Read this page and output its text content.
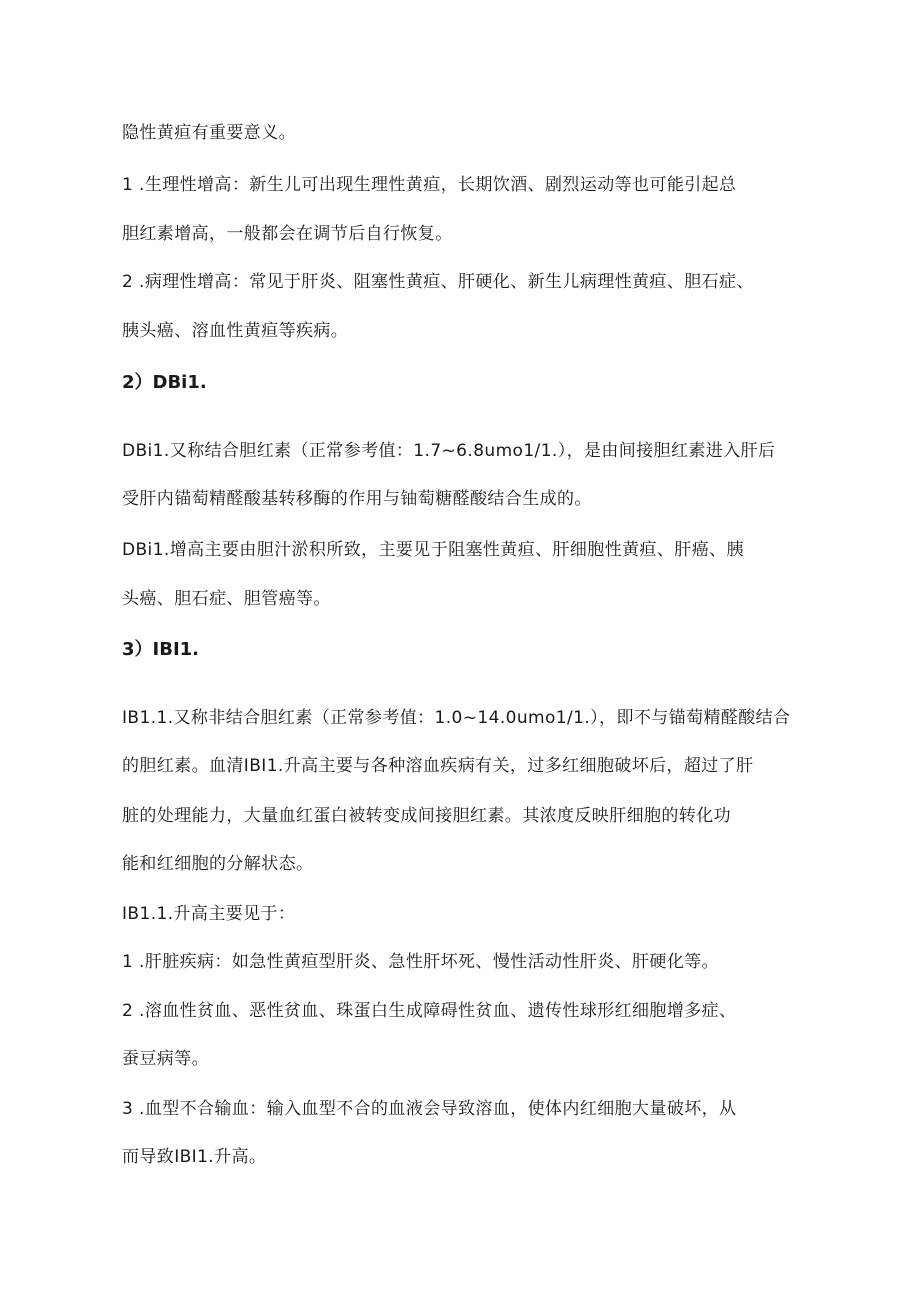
隐性黄疸有重要意义。
1 .生理性增高：新生儿可出现生理性黄疸，长期饮酒、剧烈运动等也可能引起总
胆红素增高，一般都会在调节后自行恢复。
2 .病理性增高：常见于肝炎、阻塞性黄疸、肝硬化、新生儿病理性黄疸、胆石症、
胰头癌、溶血性黄疸等疾病。
2）DBi1.
DBi1.又称结合胆红素（正常参考值：1.7~6.8umo1/1.），是由间接胆红素进入肝后
受肝内锚萄精醛酸基转移酶的作用与铀萄糖醛酸结合生成的。
DBi1.增高主要由胆汁淤积所致，主要见于阻塞性黄疸、肝细胞性黄疸、肝癌、胰
头癌、胆石症、胆管癌等。
3）IBI1.
IB1.1.又称非结合胆红素（正常参考值：1.0~14.0umo1/1.），即不与锚萄精醛酸结合
的胆红素。血清IBI1.升高主要与各种溶血疾病有关，过多红细胞破坏后，超过了肝
脏的处理能力，大量血红蛋白被转变成间接胆红素。其浓度反映肝细胞的转化功
能和红细胞的分解状态。
IB1.1.升高主要见于：
1 .肝脏疾病：如急性黄疸型肝炎、急性肝坏死、慢性活动性肝炎、肝硬化等。
2 .溶血性贫血、恶性贫血、珠蛋白生成障碍性贫血、遗传性球形红细胞增多症、
蚕豆病等。
3 .血型不合输血：输入血型不合的血液会导致溶血，使体内红细胞大量破坏，从
而导致IBI1.升高。
